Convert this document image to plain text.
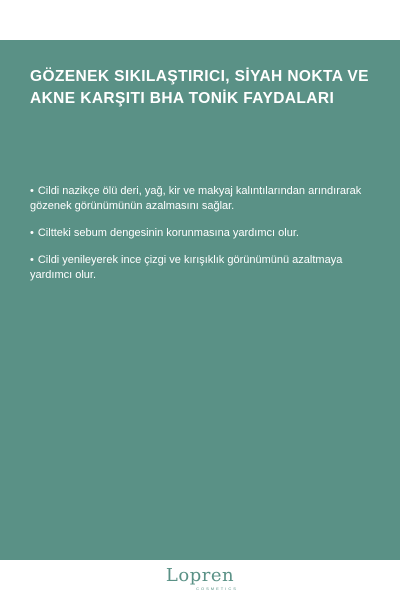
GÖZENEK SIKILAŞTIRICI, SİYAH NOKTA VE AKNE KARŞITI BHA TONİK FAYDALARI
• Cildi nazikçe ölü deri, yağ, kir ve makyaj kalıntılarından arındırarak gözenek görünümünün azalmasını sağlar.
• Ciltteki sebum dengesinin korunmasına yardımcı olur.
• Cildi yenileyerek ince çizgi ve kırışıklık görünümünü azaltmaya yardımcı olur.
Lopren
COSMETICS
